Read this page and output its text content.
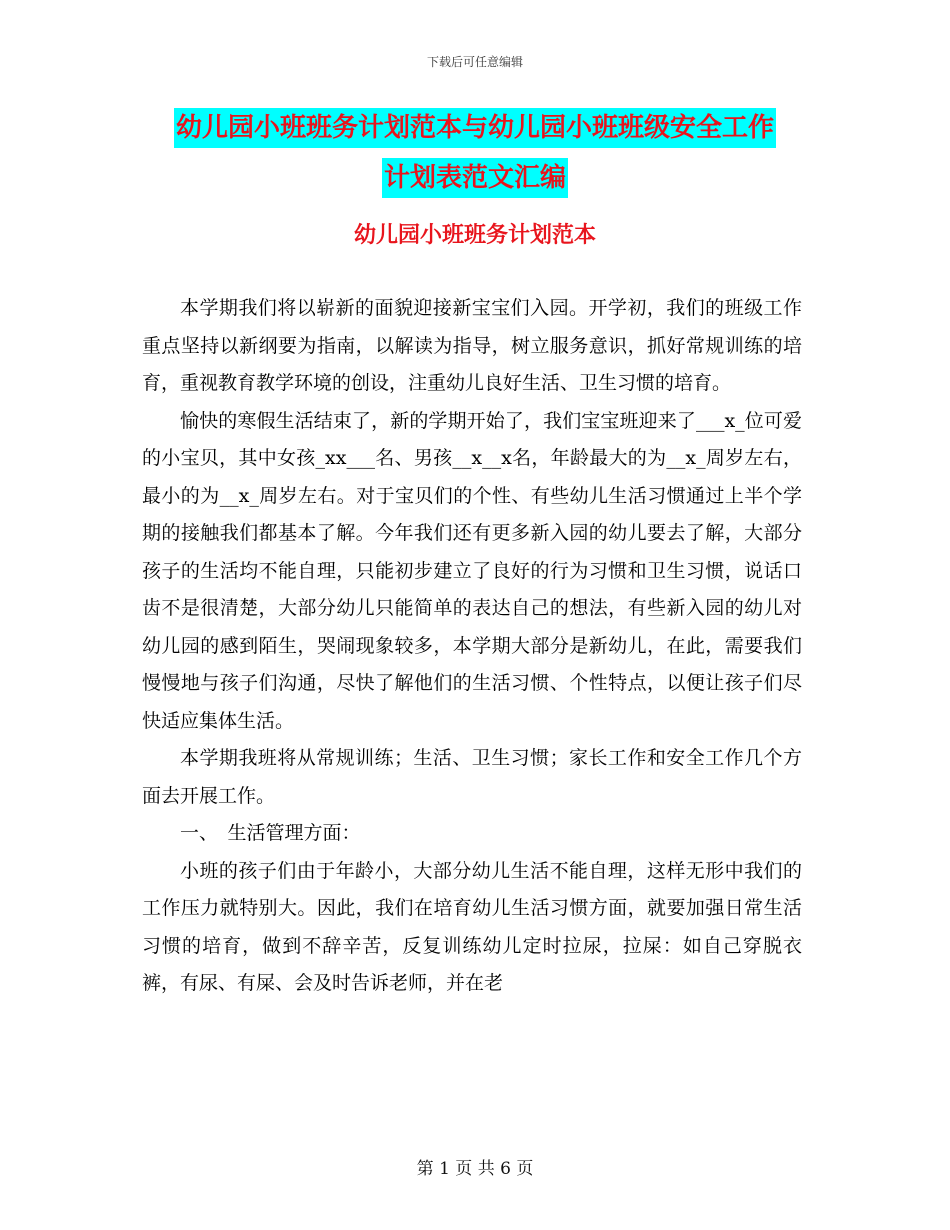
下载后可任意编辑
幼儿园小班班务计划范本与幼儿园小班班级安全工作
计划表范文汇编
幼儿园小班班务计划范本

本学期我们将以崭新的面貌迎接新宝宝们入园。开学初，我们的班级工作重点坚持以新纲要为指南，以解读为指导，树立服务意识，抓好常规训练的培育，重视教育教学环境的创设，注重幼儿良好生活、卫生习惯的培育。

愉快的寒假生活结束了，新的学期开始了，我们宝宝班迎来了___x_位可爱的小宝贝，其中女孩_xx___名、男孩__x__x名，年龄最大的为__x_周岁左右，最小的为__x_周岁左右。对于宝贝们的个性、有些幼儿生活习惯通过上半个学期的接触我们都基本了解。今年我们还有更多新入园的幼儿要去了解，大部分孩子的生活均不能自理，只能初步建立了良好的行为习惯和卫生习惯，说话口齿不是很清楚，大部分幼儿只能简单的表达自己的想法，有些新入园的幼儿对幼儿园的感到陌生，哭闹现象较多，本学期大部分是新幼儿，在此，需要我们慢慢地与孩子们沟通，尽快了解他们的生活习惯、个性特点，以便让孩子们尽快适应集体生活。

本学期我班将从常规训练；生活、卫生习惯；家长工作和安全工作几个方面去开展工作。

一、　生活管理方面：

小班的孩子们由于年龄小，大部分幼儿生活不能自理，这样无形中我们的工作压力就特别大。因此，我们在培育幼儿生活习惯方面，就要加强日常生活习惯的培育，做到不辞辛苦，反复训练幼儿定时拉尿，拉屎：如自己穿脱衣裤，有尿、有屎、会及时告诉老师，并在老

第 1 页 共 6 页
